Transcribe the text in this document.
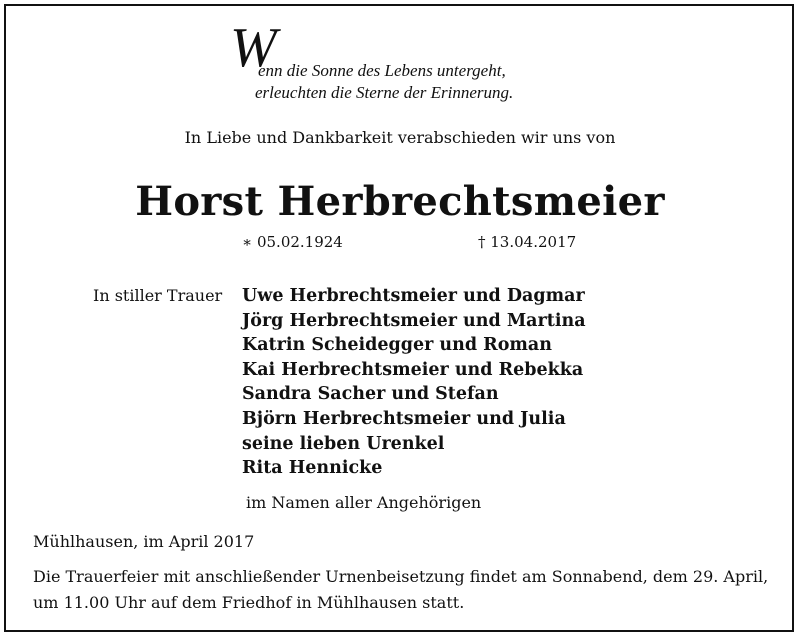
W
enn die Sonne des Lebens untergeht,
erleuchten die Sterne der Erinnerung.
In Liebe und Dankbarkeit verabschieden wir uns von
Horst Herbrechtsmeier
∗ 05.02.1924	† 13.04.2017
In stiller Trauer Uwe Herbrechtsmeier und Dagmar
Jörg Herbrechtsmeier und Martina
Katrin Scheidegger und Roman
Kai Herbrechtsmeier und Rebekka
Sandra Sacher und Stefan
Björn Herbrechtsmeier und Julia
seine lieben Urenkel
Rita Hennicke
im Namen aller Angehörigen
Mühlhausen, im April 2017
Die Trauerfeier mit anschließender Urnenbeisetzung findet am Sonnabend, dem 29. April,
um 11.00 Uhr auf dem Friedhof in Mühlhausen statt.
